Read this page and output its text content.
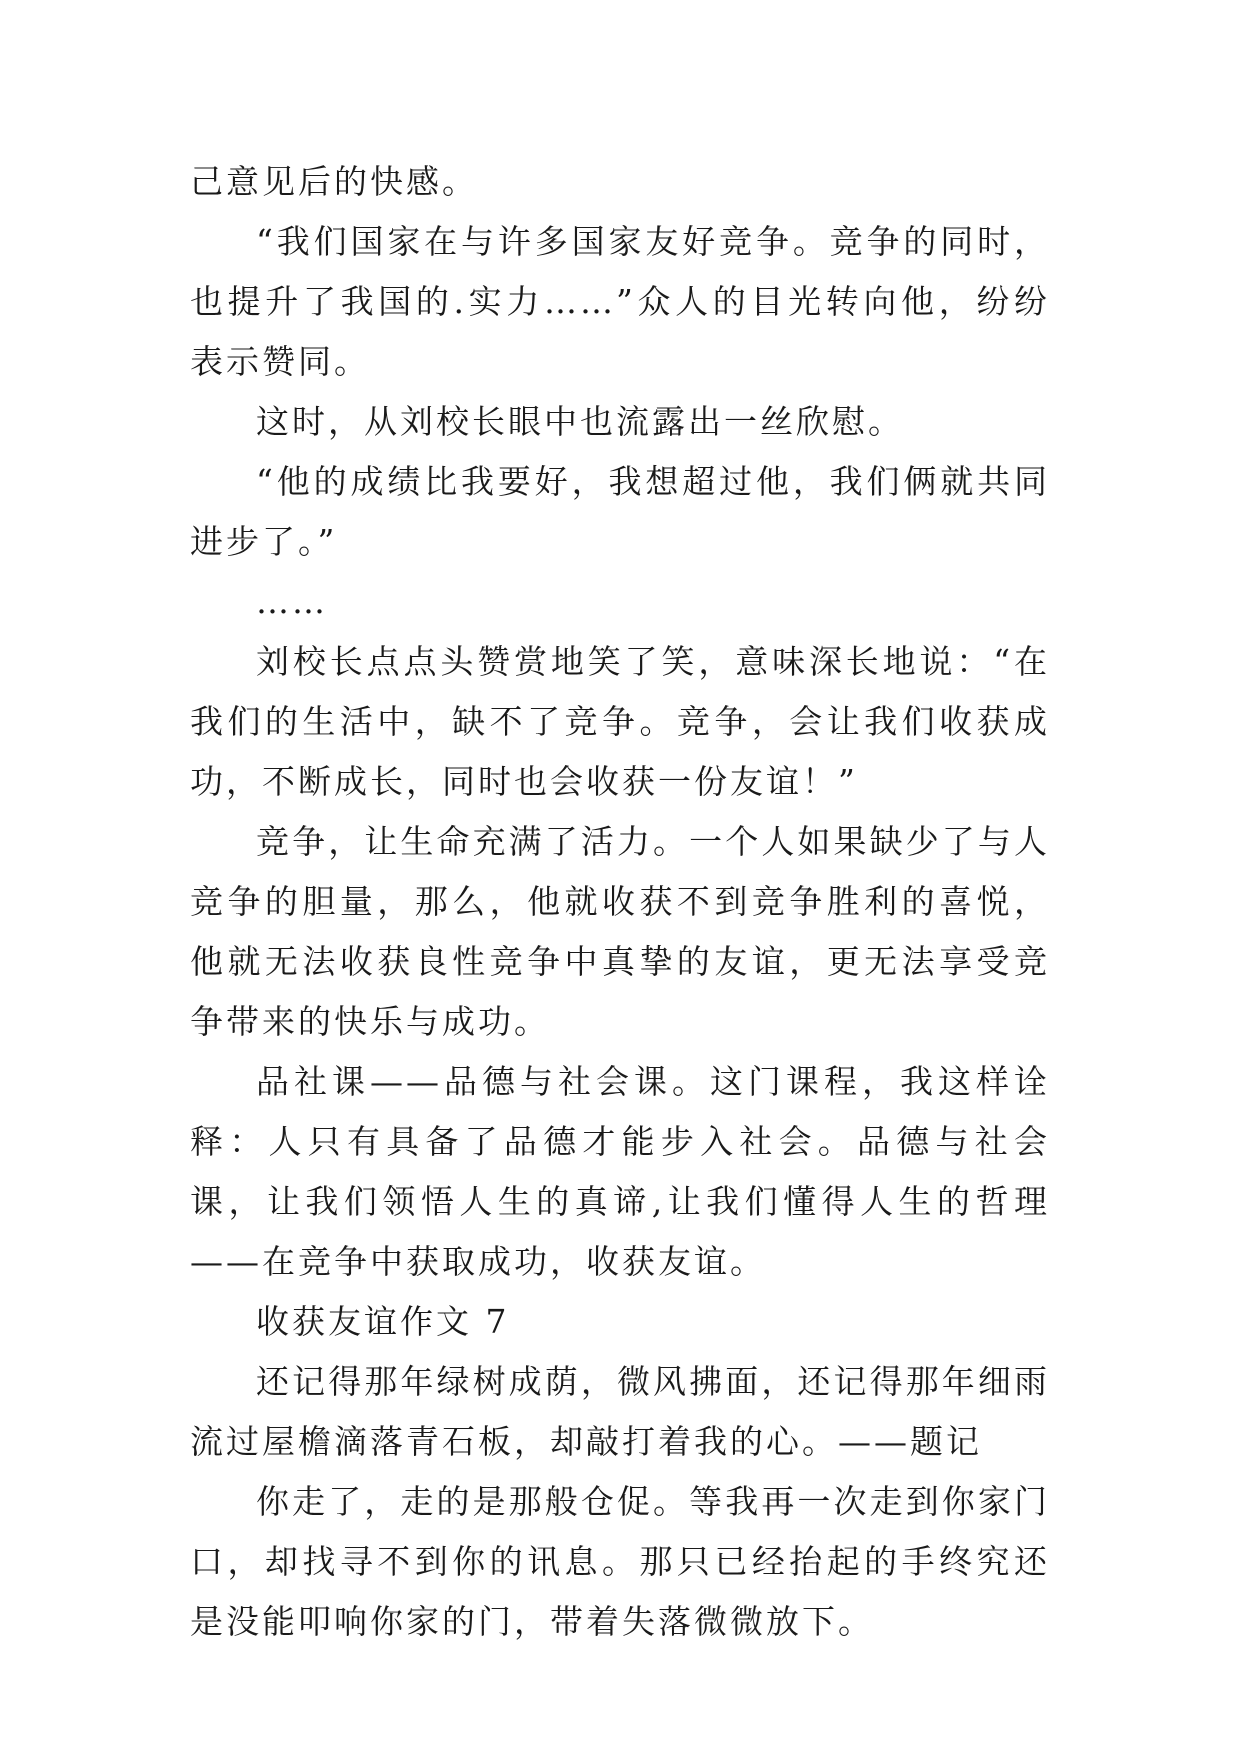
己意见后的快感。

“我们国家在与许多国家友好竞争。竞争的同时，也提升了我国的.实力……”众人的目光转向他，纷纷表示赞同。

这时，从刘校长眼中也流露出一丝欣慰。

“他的成绩比我要好，我想超过他，我们俩就共同进步了。”

……

刘校长点点头赞赏地笑了笑，意味深长地说：“在我们的生活中，缺不了竞争。竞争，会让我们收获成功，不断成长，同时也会收获一份友谊！”

竞争，让生命充满了活力。一个人如果缺少了与人竞争的胆量，那么，他就收获不到竞争胜利的喜悦，他就无法收获良性竞争中真挚的友谊，更无法享受竞争带来的快乐与成功。

品社课——品德与社会课。这门课程，我这样诠释：人只有具备了品德才能步入社会。品德与社会课，让我们领悟人生的真谛,让我们懂得人生的哲理——在竞争中获取成功，收获友谊。

收获友谊作文 7

还记得那年绿树成荫，微风拂面，还记得那年细雨流过屋檐滴落青石板，却敲打着我的心。——题记

你走了，走的是那般仓促。等我再一次走到你家门口，却找寻不到你的讯息。那只已经抬起的手终究还是没能叩响你家的门，带着失落微微放下。
